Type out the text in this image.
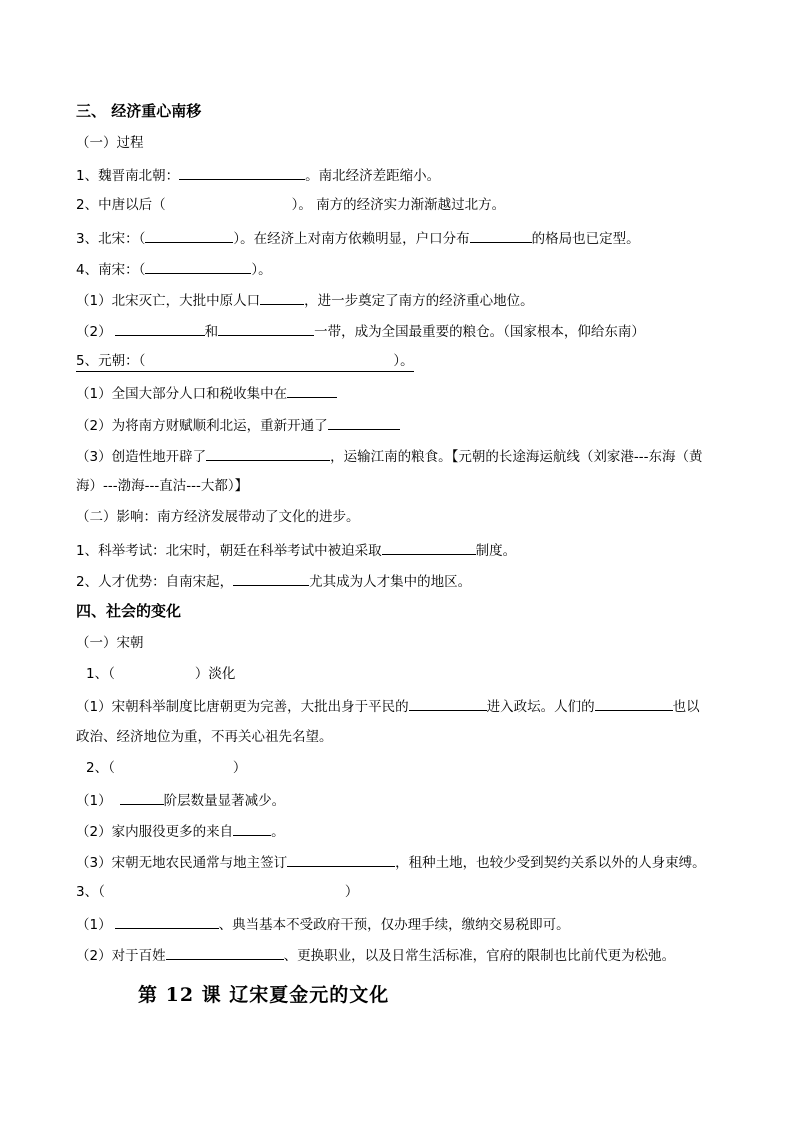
三、 经济重心南移
（一）过程
1、魏晋南北朝：	。南北经济差距缩小。
2、中唐以后（	）。 南方的经济实力渐渐越过北方。
3、北宋：（	）。在经济上对南方依赖明显，户口分布	的格局也已定型。
4、南宋：（	）。
（1）北宋灭亡，大批中原人口	，进一步奠定了南方的经济重心地位。
（2）	和	一带，成为全国最重要的粮仓。（国家根本，仰给东南）
5、元朝：（	）。
（1）全国大部分人口和税收集中在
（2）为将南方财赋顺利北运，重新开通了
（3）创造性地开辟了	，运输江南的粮食。【元朝的长途海运航线（刘家港---东海（黄
海）---渤海---直沽---大都）】
（二）影响：南方经济发展带动了文化的进步。
1、科举考试：北宋时，朝廷在科举考试中被迫采取	制度。
2、人才优势：自南宋起，	尤其成为人才集中的地区。
四、社会的变化
（一）宋朝
1、（	）淡化
（1）宋朝科举制度比唐朝更为完善，大批出身于平民的	进入政坛。人们的	也以
政治、经济地位为重，不再关心祖先名望。
2、（	）
（1）	阶层数量显著减少。
（2）家内服役更多的来自	。
（3）宋朝无地农民通常与地主签订	，租种土地，也较少受到契约关系以外的人身束缚。
3、（	）
（1）	、典当基本不受政府干预，仅办理手续，缴纳交易税即可。
（2）对于百姓	、更换职业，以及日常生活标准，官府的限制也比前代更为松弛。
第 12 课 辽宋夏金元的文化
